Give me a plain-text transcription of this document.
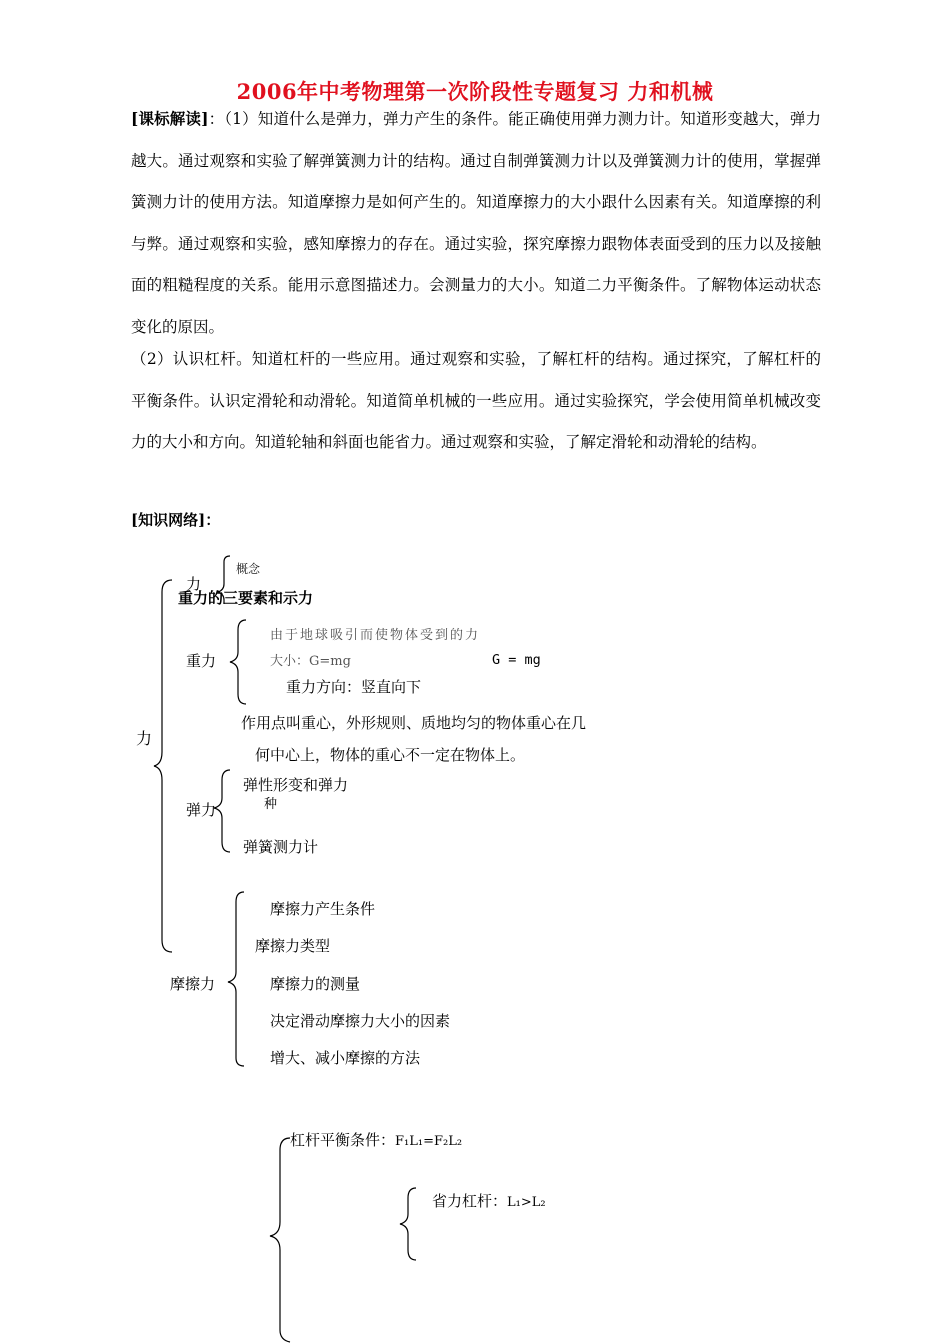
2006年中考物理第一次阶段性专题复习 力和机械
[课标解读]：（1）知道什么是弹力，弹力产生的条件。能正确使用弹力测力计。知道形变越大，弹力越大。通过观察和实验了解弹簧测力计的结构。通过自制弹簧测力计以及弹簧测力计的使用，掌握弹簧测力计的使用方法。知道摩擦力是如何产生的。知道摩擦力的大小跟什么因素有关。知道摩擦的利与弊。通过观察和实验，感知摩擦力的存在。通过实验，探究摩擦力跟物体表面受到的压力以及接触面的粗糙程度的关系。能用示意图描述力。会测量力的大小。知道二力平衡条件。了解物体运动状态变化的原因。
（2）认识杠杆。知道杠杆的一些应用。通过观察和实验，了解杠杆的结构。通过探究，了解杠杆的平衡条件。认识定滑轮和动滑轮。知道简单机械的一些应用。通过实验探究，学会使用简单机械改变力的大小和方向。知道轮轴和斜面也能省力。通过观察和实验，了解定滑轮和动滑轮的结构。
[知识网络]：
力
力
概念
重力的三要素和示力
重力
由于地球吸引而使物体受到的力
大小：G=mg	G = mg
重力方向：竖直向下
作用点叫重心，外形规则、质地均匀的物体重心在几
何中心上，物体的重心不一定在物体上。
弹力
弹性形变和弹力
种
弹簧测力计
摩擦力
摩擦力产生条件
摩擦力类型
摩擦力的测量
决定滑动摩擦力大小的因素
增大、减小摩擦的方法
杠杆平衡条件：F₁L₁=F₂L₂
省力杠杆：L₁>L₂
